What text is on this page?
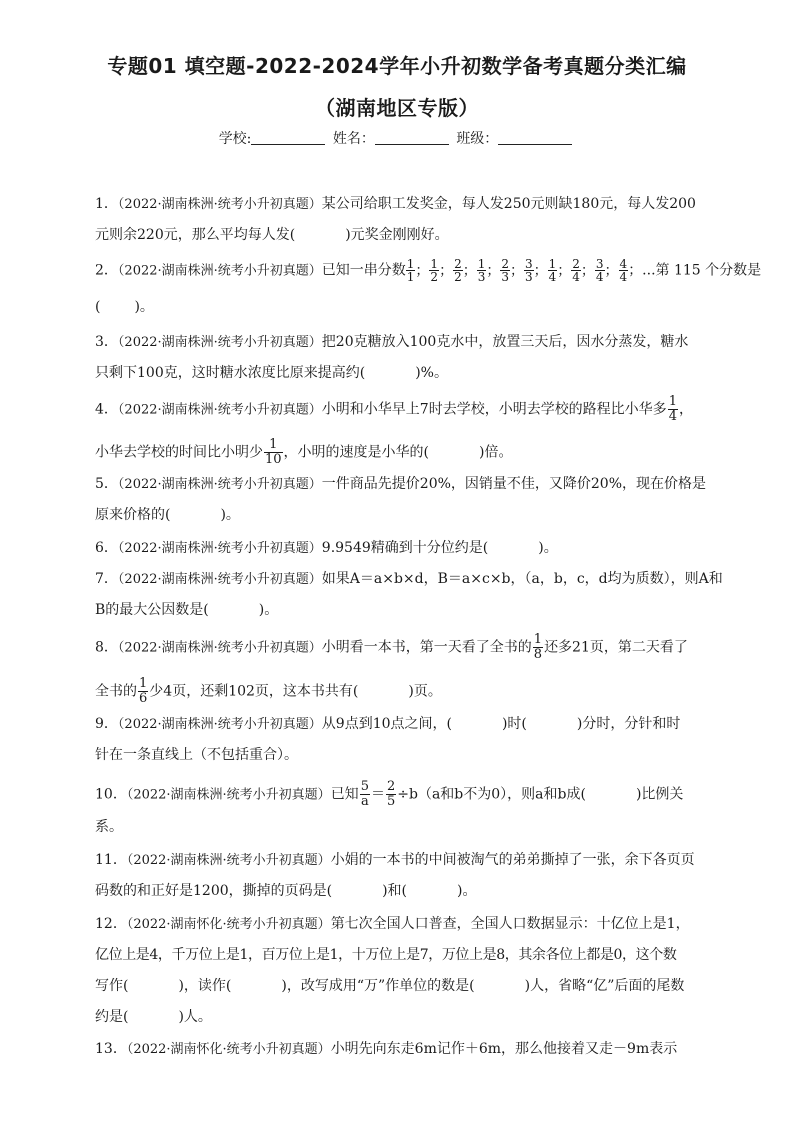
专题01 填空题-2022-2024学年小升初数学备考真题分类汇编
（湖南地区专版）
学校:	姓名：	班级：
1．（2022·湖南株洲·统考小升初真题）某公司给职工发奖金，每人发250元则缺180元，每人发200
元则余220元，那么平均每人发(	)元奖金刚刚好。
2．（2022·湖南株洲·统考小升初真题）已知一串分数 $\frac{1}{1}$ ； $\frac{1}{2}$ ； $\frac{2}{2}$ ； $\frac{1}{3}$ ； $\frac{2}{3}$ ； $\frac{3}{3}$ ； $\frac{1}{4}$ ； $\frac{2}{4}$ ； $\frac{3}{4}$ ； $\frac{4}{4}$ ；...第 115 个分数是
( )。
3．（2022·湖南株洲·统考小升初真题）把20克糖放入100克水中，放置三天后，因水分蒸发，糖水
只剩下100克，这时糖水浓度比原来提高约(	)%。
4．（2022·湖南株洲·统考小升初真题）小明和小华早上7时去学校，小明去学校的路程比小华多 $\frac{1}{4}$ ，
小华去学校的时间比小明少 $\frac{1}{10}$ ，小明的速度是小华的(	)倍。
5．（2022·湖南株洲·统考小升初真题）一件商品先提价20%，因销量不佳，又降价20%，现在价格是
原来价格的(	)。
6．（2022·湖南株洲·统考小升初真题）9.9549精确到十分位约是(	)。
7．（2022·湖南株洲·统考小升初真题）如果A＝a×b×d，B＝a×c×b，（a，b，c，d均为质数），则A和
B的最大公因数是(	)。
8．（2022·湖南株洲·统考小升初真题）小明看一本书，第一天看了全书的 $\frac{1}{8}$ 还多21页，第二天看了
全书的 $\frac{1}{6}$ 少4页，还剩102页，这本书共有(	)页。
9．（2022·湖南株洲·统考小升初真题）从9点到10点之间，(	)时(	)分时，分针和时
针在一条直线上（不包括重合）。
10．（2022·湖南株洲·统考小升初真题）已知 $\frac{5}{a} = \frac{2}{5} \div b(a$和b不为0），则a和b成(	)比例关
系。
11．（2022·湖南株洲·统考小升初真题）小娟的一本书的中间被淘气的弟弟撕掉了一张，余下各页页
码数的和正好是1200，撕掉的页码是(	)和(	)。
12．（2022·湖南怀化·统考小升初真题）第七次全国人口普查，全国人口数据显示：十亿位上是1，
亿位上是4，千万位上是1，百万位上是1，十万位上是7，万位上是8，其余各位上都是0，这个数
写作(	)，读作(	)，改写成用“万”作单位的数是(	)人，省略“亿”后面的尾数
约是(	)人。
13．（2022·湖南怀化·统考小升初真题）小明先向东走6m记作＋6m，那么他接着又走－9m表示
